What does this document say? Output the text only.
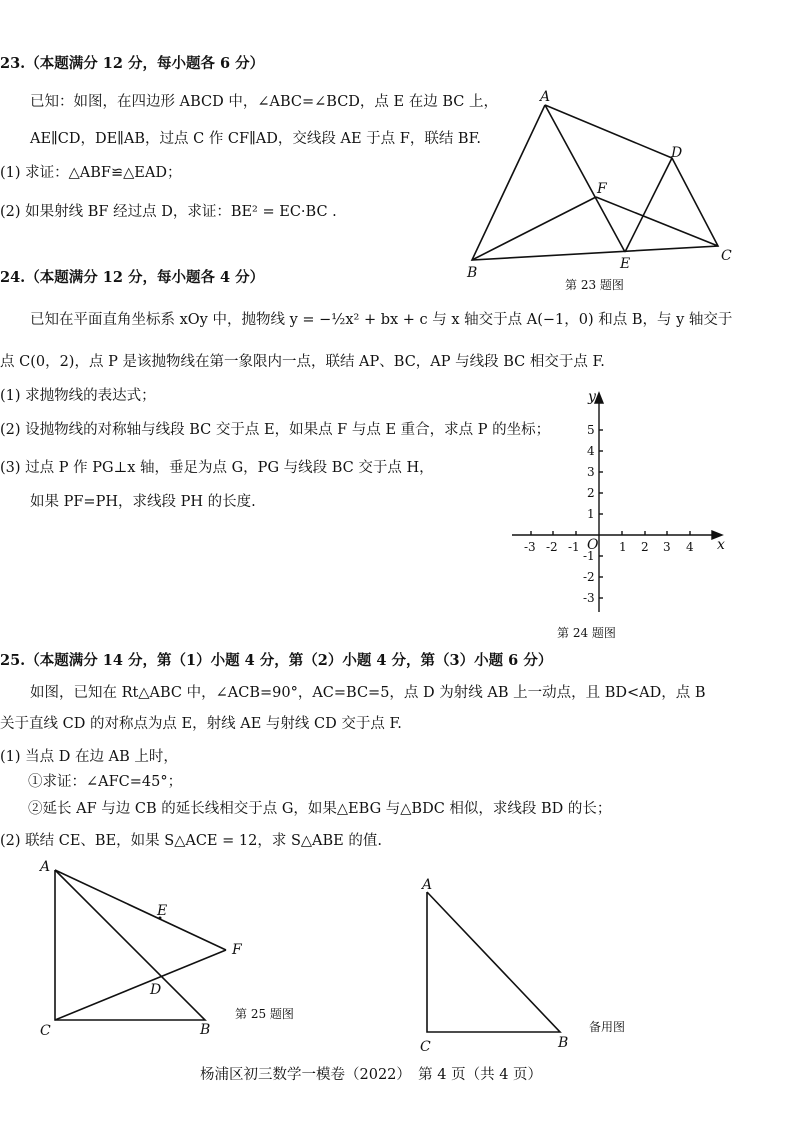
23.（本题满分 12 分，每小题各 6 分）
已知：如图，在四边形 ABCD 中，∠ABC=∠BCD，点 E 在边 BC 上，
AE∥CD，DE∥AB，过点 C 作 CF∥AD，交线段 AE 于点 F，联结 BF.
(1) 求证：△ABF≌△EAD；
(2) 如果射线 BF 经过点 D，求证：BE² = EC·BC .
A
D
F
B
E	C
第 23 题图
24.（本题满分 12 分，每小题各 4 分）
已知在平面直角坐标系 xOy 中，抛物线 y = −½x² + bx + c 与 x 轴交于点 A(−1，0) 和点 B，与 y 轴交于
点 C(0，2)，点 P 是该抛物线在第一象限内一点，联结 AP、BC，AP 与线段 BC 相交于点 F.
(1) 求抛物线的表达式；
(2) 设抛物线的对称轴与线段 BC 交于点 E，如果点 F 与点 E 重合，求点 P 的坐标；
(3) 过点 P 作 PG⊥x 轴，垂足为点 G，PG 与线段 BC 交于点 H，
如果 PF=PH，求线段 PH 的长度.
x
y
O
-3 -2 -1	1 2 3 4
5
4
3
2
1
-1
-2
-3
第 24 题图
25.（本题满分 14 分，第（1）小题 4 分，第（2）小题 4 分，第（3）小题 6 分）
如图，已知在 Rt△ABC 中，∠ACB=90°，AC=BC=5，点 D 为射线 AB 上一动点，且 BD<AD，点 B
关于直线 CD 的对称点为点 E，射线 AE 与射线 CD 交于点 F.
(1) 当点 D 在边 AB 上时，
①求证：∠AFC=45°；
②延长 AF 与边 CB 的延长线相交于点 G，如果△EBG 与△BDC 相似，求线段 BD 的长；
(2) 联结 CE、BE，如果 S△ACE = 12，求 S△ABE 的值.
A
E
F
D
C	B
第 25 题图
A
C	B
备用图
杨浦区初三数学一模卷（2022）　第 4 页（共 4 页）
